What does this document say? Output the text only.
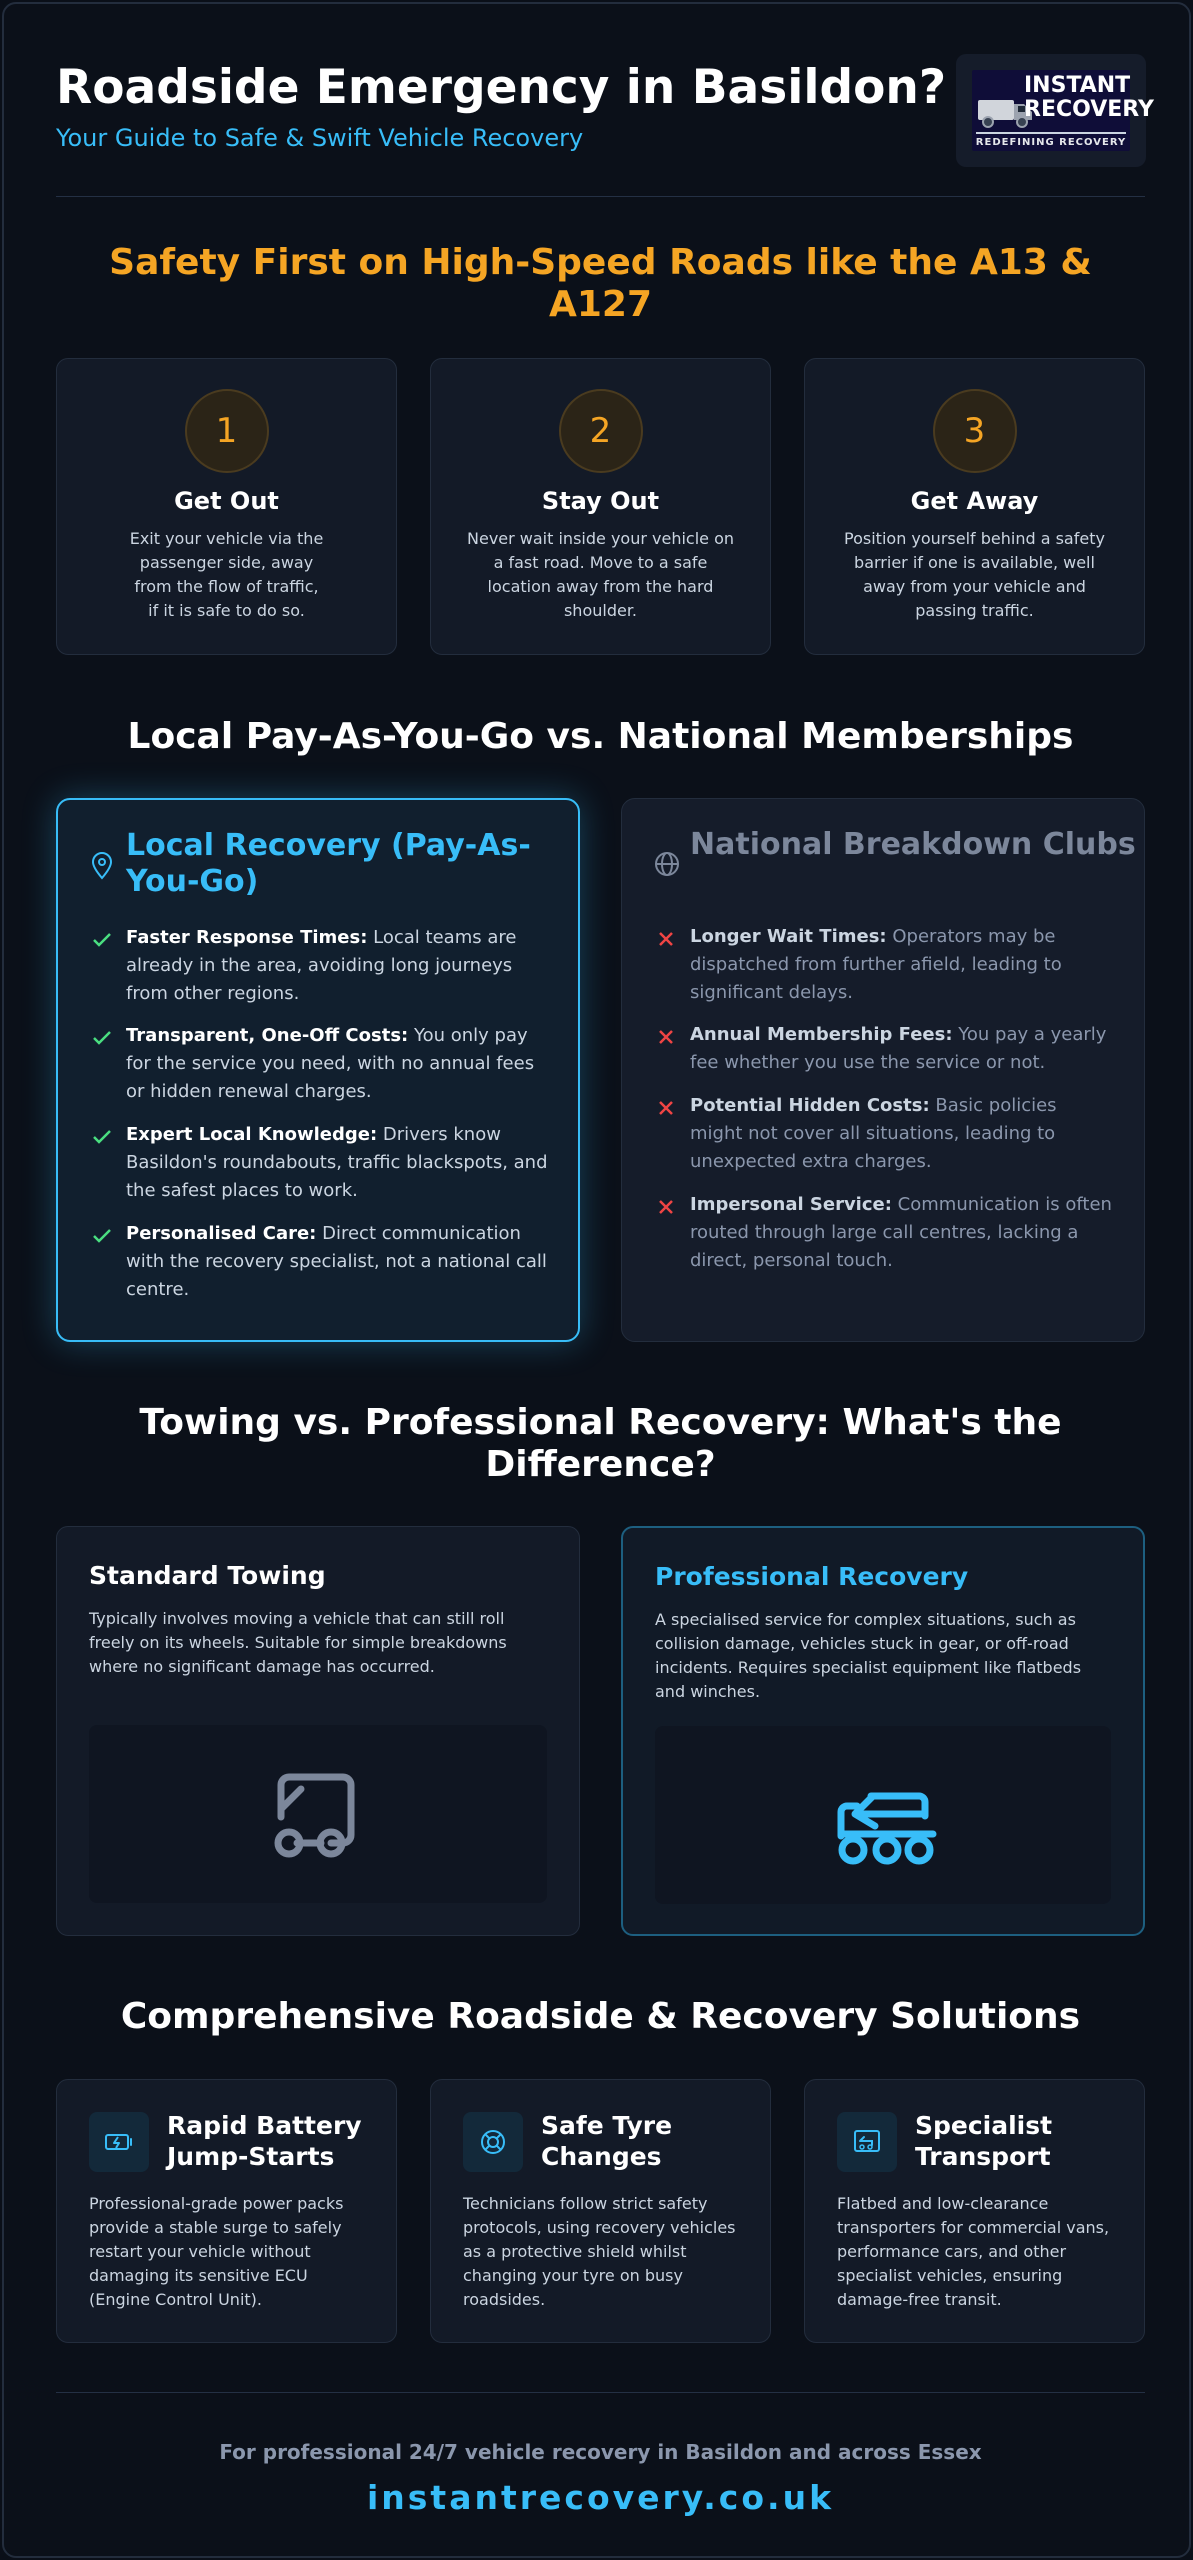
Roadside Emergency in Basildon?
Your Guide to Safe & Swift Vehicle Recovery
INSTANT RECOVERY
REDEFINING RECOVERY
Safety First on High-Speed Roads like the A13 & A127
1
Get Out
Exit your vehicle via the passenger side, away from the flow of traffic, if it is safe to do so.
2
Stay Out
Never wait inside your vehicle on a fast road. Move to a safe location away from the hard shoulder.
3
Get Away
Position yourself behind a safety barrier if one is available, well away from your vehicle and passing traffic.
Local Pay-As-You-Go vs. National Memberships
Local Recovery (Pay-As-You-Go)
Faster Response Times: Local teams are already in the area, avoiding long journeys from other regions.
Transparent, One-Off Costs: You only pay for the service you need, with no annual fees or hidden renewal charges.
Expert Local Knowledge: Drivers know Basildon's roundabouts, traffic blackspots, and the safest places to work.
Personalised Care: Direct communication with the recovery specialist, not a national call centre.
National Breakdown Clubs
Longer Wait Times: Operators may be dispatched from further afield, leading to significant delays.
Annual Membership Fees: You pay a yearly fee whether you use the service or not.
Potential Hidden Costs: Basic policies might not cover all situations, leading to unexpected extra charges.
Impersonal Service: Communication is often routed through large call centres, lacking a direct, personal touch.
Towing vs. Professional Recovery: What's the Difference?
Standard Towing
Typically involves moving a vehicle that can still roll freely on its wheels. Suitable for simple breakdowns where no significant damage has occurred.
Professional Recovery
A specialised service for complex situations, such as collision damage, vehicles stuck in gear, or off-road incidents. Requires specialist equipment like flatbeds and winches.
Comprehensive Roadside & Recovery Solutions
Rapid Battery Jump-Starts
Professional-grade power packs provide a stable surge to safely restart your vehicle without damaging its sensitive ECU (Engine Control Unit).
Safe Tyre Changes
Technicians follow strict safety protocols, using recovery vehicles as a protective shield whilst changing your tyre on busy roadsides.
Specialist Transport
Flatbed and low-clearance transporters for commercial vans, performance cars, and other specialist vehicles, ensuring damage-free transit.
For professional 24/7 vehicle recovery in Basildon and across Essex
instantrecovery.co.uk
